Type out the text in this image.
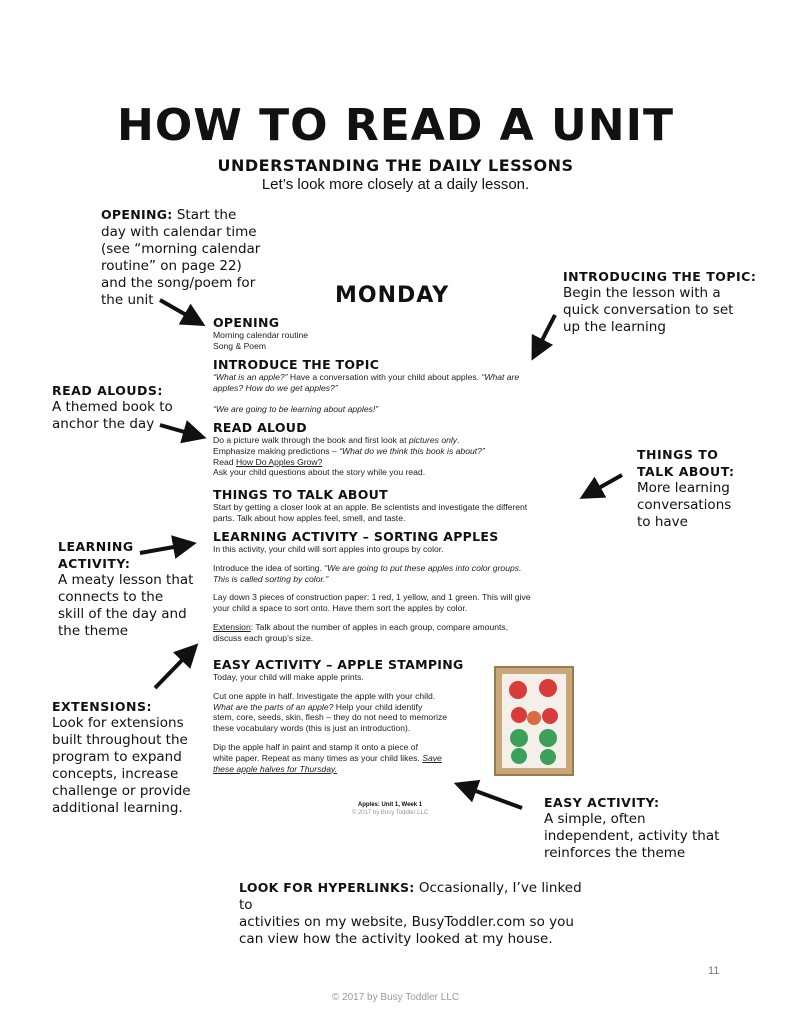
HOW TO READ A UNIT
UNDERSTANDING THE DAILY LESSONS
Let’s look more closely at a daily lesson.
OPENING: Start the
day with calendar time
(see “morning calendar
routine” on page 22)
and the song/poem for
the unit
INTRODUCING THE TOPIC:
Begin the lesson with a
quick conversation to set
up the learning
READ ALOUDS:
A themed book to
anchor the day
THINGS TO
TALK ABOUT:
More learning
conversations
to have
LEARNING
ACTIVITY:
A meaty lesson that
connects to the
skill of the day and
the theme
EXTENSIONS:
Look for extensions
built throughout the
program to expand
concepts, increase
challenge or provide
additional learning.	EASY ACTIVITY:
A simple, often
independent, activity that
reinforces the theme
LOOK FOR HYPERLINKS: Occasionally, I’ve linked to
activities on my website, BusyToddler.com so you
can view how the activity looked at my house.
MONDAY
OPENING
Morning calendar routine
Song & Poem
INTRODUCE THE TOPIC
“What is an apple?” Have a conversation with your child about apples. “What are
apples? How do we get apples?”
“We are going to be learning about apples!”
READ ALOUD
Do a picture walk through the book and first look at pictures only.
Emphasize making predictions – “What do we think this book is about?”
Read How Do Apples Grow?
Ask your child questions about the story while you read.
THINGS TO TALK ABOUT
Start by getting a closer look at an apple. Be scientists and investigate the different
parts. Talk about how apples feel, smell, and taste.
LEARNING ACTIVITY – SORTING APPLES
In this activity, your child will sort apples into groups by color.
Introduce the idea of sorting. “We are going to put these apples into color groups.
This is called sorting by color.”
Lay down 3 pieces of construction paper: 1 red, 1 yellow, and 1 green. This will give
your child a space to sort onto. Have them sort the apples by color.
Extension: Talk about the number of apples in each group, compare amounts,
discuss each group’s size.
EASY ACTIVITY – APPLE STAMPING
Today, your child will make apple prints.
Cut one apple in half. Investigate the apple with your child.
What are the parts of an apple? Help your child identify
stem, core, seeds, skin, flesh – they do not need to memorize
these vocabulary words (this is just an introduction).
Dip the apple half in paint and stamp it onto a piece of
white paper. Repeat as many times as your child likes. Save
these apple halves for Thursday.
Apples: Unit 1, Week 1
© 2017 by Busy Toddler LLC
11
© 2017 by Busy Toddler LLC
